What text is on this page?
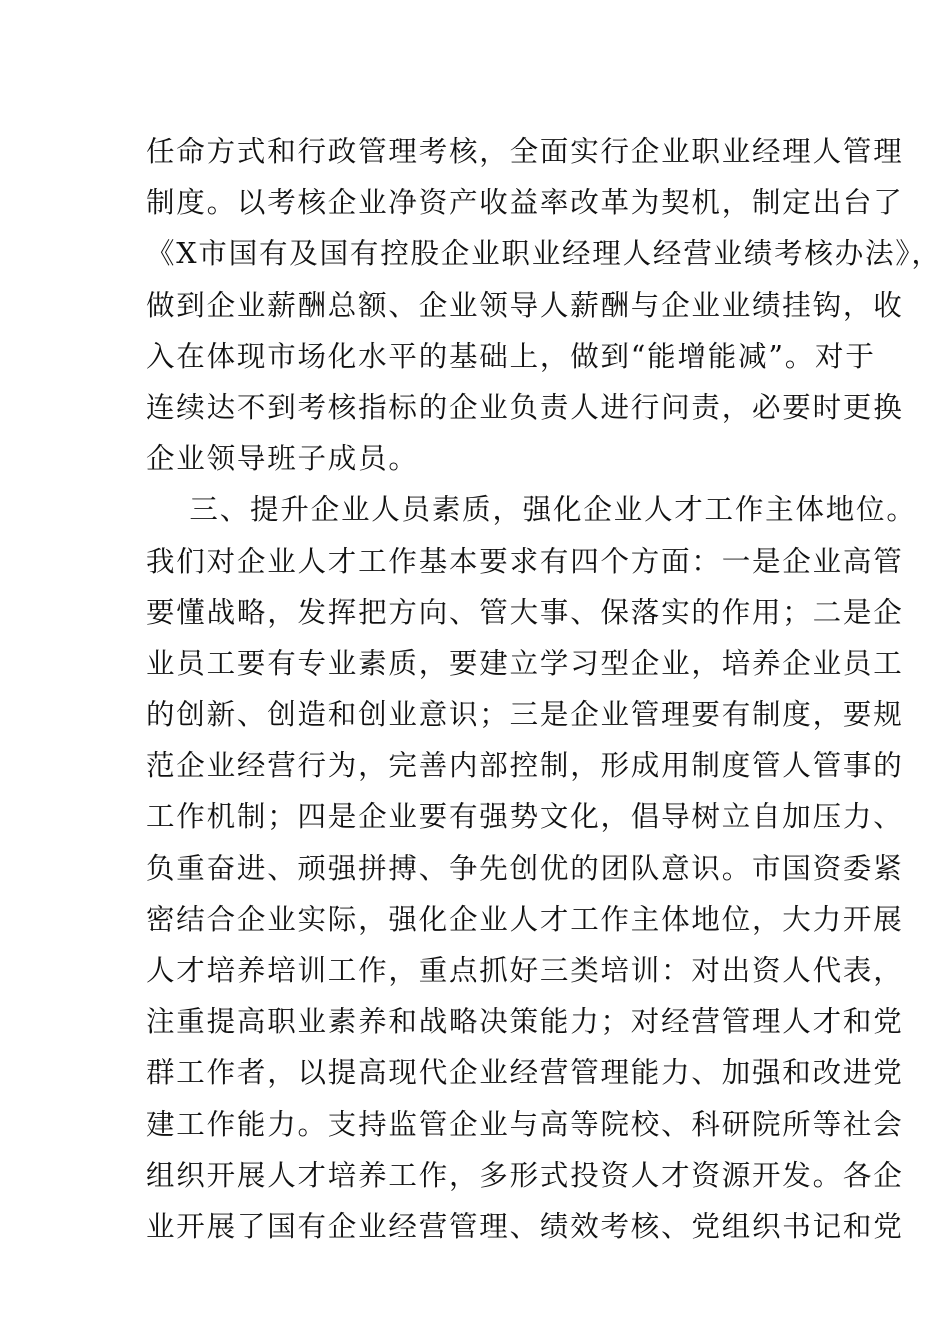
任命方式和行政管理考核，全面实行企业职业经理人管理
制度。以考核企业净资产收益率改革为契机，制定出台了
《X市国有及国有控股企业职业经理人经营业绩考核办法》，
做到企业薪酬总额、企业领导人薪酬与企业业绩挂钩，收
入在体现市场化水平的基础上，做到“能增能减”。对于
连续达不到考核指标的企业负责人进行问责，必要时更换
企业领导班子成员。
三、提升企业人员素质，强化企业人才工作主体地位。
我们对企业人才工作基本要求有四个方面：一是企业高管
要懂战略，发挥把方向、管大事、保落实的作用；二是企
业员工要有专业素质，要建立学习型企业，培养企业员工
的创新、创造和创业意识；三是企业管理要有制度，要规
范企业经营行为，完善内部控制，形成用制度管人管事的
工作机制；四是企业要有强势文化，倡导树立自加压力、
负重奋进、顽强拼搏、争先创优的团队意识。市国资委紧
密结合企业实际，强化企业人才工作主体地位，大力开展
人才培养培训工作，重点抓好三类培训：对出资人代表，
注重提高职业素养和战略决策能力；对经营管理人才和党
群工作者，以提高现代企业经营管理能力、加强和改进党
建工作能力。支持监管企业与高等院校、科研院所等社会
组织开展人才培养工作，多形式投资人才资源开发。各企
业开展了国有企业经营管理、绩效考核、党组织书记和党
